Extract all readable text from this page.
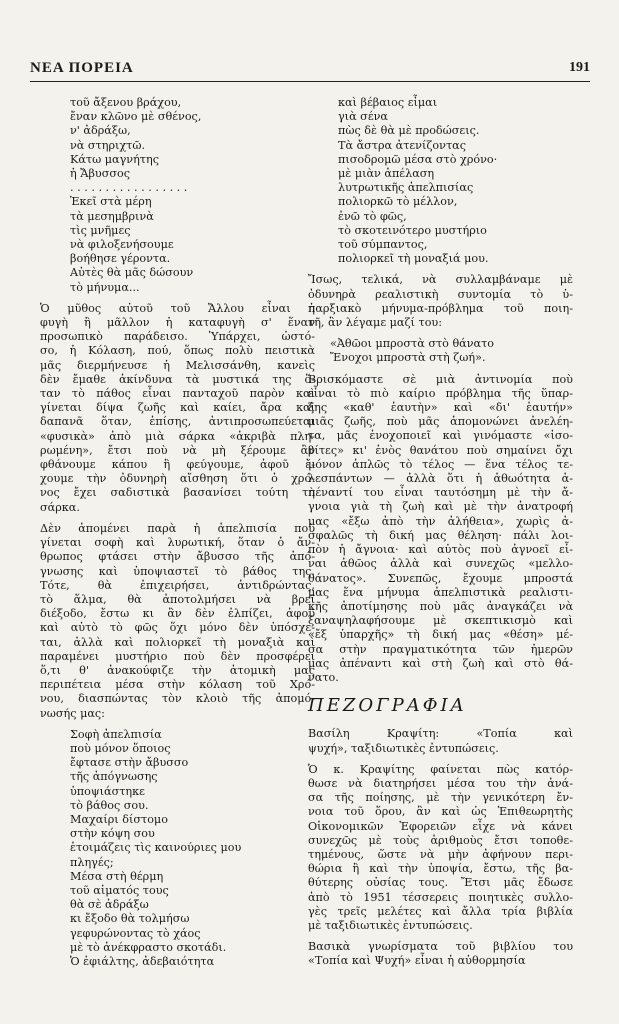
ΝΕΑ ΠΟΡΕΙΑ	191
τοῦ ἄξενου βράχου,
ἔναν κλῶνο μὲ σθένος,
ν' ἀδράξω,
νὰ στηριχτῶ.
Κάτω μαγνήτης
ἡ Ἄβυσσος
. . . . . . . . . . . . . . . . .
Ἐκεῖ στὰ μέρη
τὰ μεσημβρινὰ
τὶς μνῆμες
νὰ φιλοξενήσουμε
βοήθησε γέροντα.
Αὐτὲς θὰ μᾶς δώσουν
τὸ μήνυμα...
Ὁ μῦθος αὐτοῦ τοῦ Ἄλλου εἶναι ἡ
φυγὴ ἢ μᾶλλον ἡ καταφυγὴ σ' ἕναν
προσωπικὸ παράδεισο. Ὑπάρχει, ὡστό-
σο, ἡ Κόλαση, πού, ὅπως πολὺ πειστικὰ
μᾶς διερμήνευσε ἡ Μελισσάνθη, κανεὶς
δὲν ἔμαθε ἀκίνδυνα τὰ μυστικά της ὅ-
ταν τὸ πάθος εἶναι πανταχοῦ παρὸν καὶ
γίνεται δίψα ζωῆς καὶ καίει, ἄρα καὶ
δαπανᾶ ὅταν, ἐπίσης, ἀντιπροσωπεύεται
«φυσικὰ» ἀπὸ μιὰ σάρκα «ἀκριβὰ πλη-
ρωμένη», ἔτσι ποὺ νὰ μὴ ξέρουμε ἂν
φθάνουμε κάπου ἢ φεύγουμε, ἀφοῦ ἔ-
χουμε τὴν ὀδυνηρὴ αἴσθηση ὅτι ὁ χρό-
νος ἔχει σαδιστικὰ βασανίσει τούτη τὴ
σάρκα.
Δὲν ἀπομένει παρὰ ἡ ἀπελπισία ποὺ
γίνεται σοφὴ καὶ λυρωτική, ὅταν ὁ ἄν-
θρωπος φτάσει στὴν ἄβυσσο τῆς ἀπό-
γνωσης καὶ ὑποψιαστεῖ τὸ βάθος της.
Τότε, θὰ ἐπιχειρήσει, ἀντιδρώντας,
τὸ ἅλμα, θὰ ἀποτολμήσει νὰ βρεῖ
διέξοδο, ἔστω κι ἂν δὲν ἐλπίζει, ἀφοῦ
καὶ αὐτὸ τὸ φῶς ὅχι μόνο δὲν ὑπόσχε-
ται, ἀλλὰ καὶ πολιορκεῖ τὴ μοναξιὰ καὶ
παραμένει μυστήριο ποὺ δὲν προσφέρει
ὅ,τι θ' ἀνακούφιζε τὴν ἀτομικὴ μας
περιπέτεια μέσα στὴν κόλαση τοῦ Χρό-
νου, διασπώντας τὸν κλοιὸ τῆς ἀπομό-
νωσής μας:
Σοφὴ ἀπελπισία
ποὺ μόνον ὅποιος
ἔφτασε στὴν ἄβυσσο
τῆς ἀπόγνωσης
ὑποψιάστηκε
τὸ βάθος σου.
Μαχαίρι δίστομο
στὴν κόψη σου
ἑτοιμάζεις τὶς καινούριες μου
πληγές;
Μέσα στὴ θέρμη
τοῦ αἱματός τους
θὰ σὲ ἀδράξω
κι ἔξοδο θὰ τολμήσω
γεφυρώνοντας τὸ χάος
μὲ τὸ ἀνέκφραστο σκοτάδι.
Ὁ ἐφιάλτης, ἀδεβαιότητα
καὶ βέβαιος εἶμαι
γιὰ σένα
πὼς δὲ θὰ μὲ προδώσεις.
Τὰ ἄστρα ἀτενίζοντας
πισοδρομῶ μέσα στὸ χρόνο·
μὲ μιὰν ἀπέλαση
λυτρωτικῆς ἀπελπισίας
πολιορκῶ τὸ μέλλον,
ἐνῶ τὸ φῶς,
τὸ σκοτεινότερο μυστήριο
τοῦ σύμπαντος,
πολιορκεῖ τὴ μοναξιά μου.
Ἴσως, τελικά, νὰ συλλαμβάναμε μὲ
ὀδυνηρὰ ρεαλιστικὴ συντομία τὸ ὑ-
παρξιακὸ μήνυμα-πρόβλημα τοῦ ποιη-
τῆ, ἂν λέγαμε μαζί του:
«Ἀθῶοι μπροστὰ στὸ θάνατο
Ἔνοχοι μπροστὰ στὴ ζωή».
Βρισκόμαστε σὲ μιὰ ἀντινομία ποὺ
εἶναι τὸ πιὸ καίριο πρόβλημα τῆς ὕπαρ-
ξης «καθ' ἑαυτὴν» καὶ «δι' ἑαυτήν»
μιᾶς ζωῆς, ποὺ μᾶς ἀπομονώνει ἀνελέη-
τα, μᾶς ἐνοχοποιεῖ καὶ γινόμαστε «ἰσο-
βίτες» κι' ἑνὸς θανάτου ποὺ σημαίνει ὄχι
μόνον ἁπλῶς τὸ τέλος — ἕνα τέλος τε-
λεσπάντων — ἀλλὰ ὅτι ἡ ἀθωότητα ἀ-
πέναντί του εἶναι ταυτόσημη μὲ τὴν ἄ-
γνοια γιὰ τὴ ζωὴ καὶ μὲ τὴν ἀνατροφή
μας «ἔξω ἀπὸ τὴν ἀλήθεια», χωρὶς ἀ-
σφαλῶς τὴ δική μας θέληση· πάλι λοι-
πὸν ἡ ἄγνοια· καὶ αὐτὸς ποὺ ἀγνοεῖ εἶ-
ναι ἀθῶος ἀλλὰ καὶ συνεχῶς «μελλο-
θάνατος». Συνεπῶς, ἔχουμε μπροστά
μας ἕνα μήνυμα ἀπελπιστικὰ ρεαλιστι-
κῆς ἀποτίμησης ποὺ μᾶς ἀναγκάζει νὰ
ξαναψηλαφήσουμε μὲ σκεπτικισμὸ καὶ
«ἔξ ὑπαρχῆς» τὴ δική μας «θέση» μέ-
σα στὴν πραγματικότητα τῶν ἡμερῶν
μας ἀπέναντι καὶ στὴ ζωὴ καὶ στὸ θά-
νατο.
ΠΕΖΟΓΡΑΦΙΑ
Βασίλη Κραψίτη: «Τοπία καὶ
ψυχή», ταξιδιωτικὲς ἐντυπώσεις.
Ὁ κ. Κραψίτης φαίνεται πὼς κατόρ-
θωσε νὰ διατηρήσει μέσα του τὴν ἀνά-
σα τῆς ποίησης, μὲ τὴν γενικότερη ἔν-
νοια τοῦ ὅρου, ἂν καὶ ὡς Ἐπιθεωρητὴς
Οἰκονομικῶν Ἐφορειῶν εἶχε νὰ κάνει
συνεχῶς μὲ τοὺς ἀριθμοὺς ἔτσι τοποθε-
τημένους, ὥστε νὰ μὴν ἀφήνουν περι-
θώρια ἢ καὶ τὴν ὑποψία, ἔστω, τῆς βα-
θύτερης οὐσίας τους. Ἔτσι μᾶς ἔδωσε
ἀπὸ τὸ 1951 τέσσερεις ποιητικὲς συλλο-
γὲς τρεῖς μελέτες καὶ ἄλλα τρία βιβλία
μὲ ταξιδιωτικὲς ἐντυπώσεις.
Βασικὰ γνωρίσματα τοῦ βιβλίου του
«Τοπία καὶ Ψυχή» εἶναι ἡ αὐθορμησία
